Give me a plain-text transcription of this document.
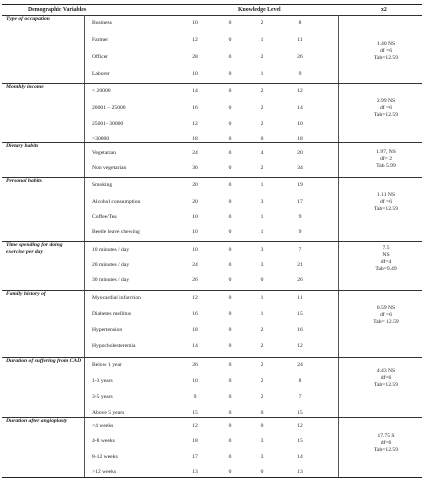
Demographic Variables	Knowledge Level	x2
Type of occupation
Business	10	0	2	8
Farmer	12	0	1	11
Officer	28	0	2	26
Laborer	10	0	1	9
1.40 NS
df =6
Tab=12.59
Monthly income
< 20000	14	0	2	12
20001 – 25000	16	0	2	14
25001- 30000	12	0	2	10
>30000	18	0	0	18
2.99 NS
df =6
Tab=12.59
Dietary habits
Vegetarian	24	0	4	20
Non vegetarian	36	0	2	34
1.97, NS
df= 2
Tab 5.99
Personal habits
Smoking	20	0	1	19
Alcohol consumption	20	0	3	17
Coffee/Tea	10	0	1	9
Beetle leave chewing	10	0	1	9
1.11 NS
df =6
Tab=12.59
Time spending for doing exercise per day	10 minutes / day	10	0	3	7
20 minutes / day	24	0	3	21
30 minutes / day	26	0	0	26
7.5
NS
df=4
Tab=9.49
Family history of
Myocardial infarction	12	0	1	11
Diabetes mellitus	16	0	1	15
Hypertension	18	0	2	16
Hypocholesteremia	14	0	2	12
0.59 NS
df =6
Tab= 12.59
Duration of suffering from CAD
Below 1 year	26	0	2	24
1-3 years	10	0	2	8
3-5 years	9	0	2	7
Above 5 years	15	0	0	15
4.43 NS
df=6
Tab=12.59
Duration after angioplasty
<4 weeks	12	0	0	12
4-8 weeks	18	0	3	15
8-12 weeks	17	0	3	14
>12 weeks	13	0	0	13
17.75 S
df=6
Tab=12.59
